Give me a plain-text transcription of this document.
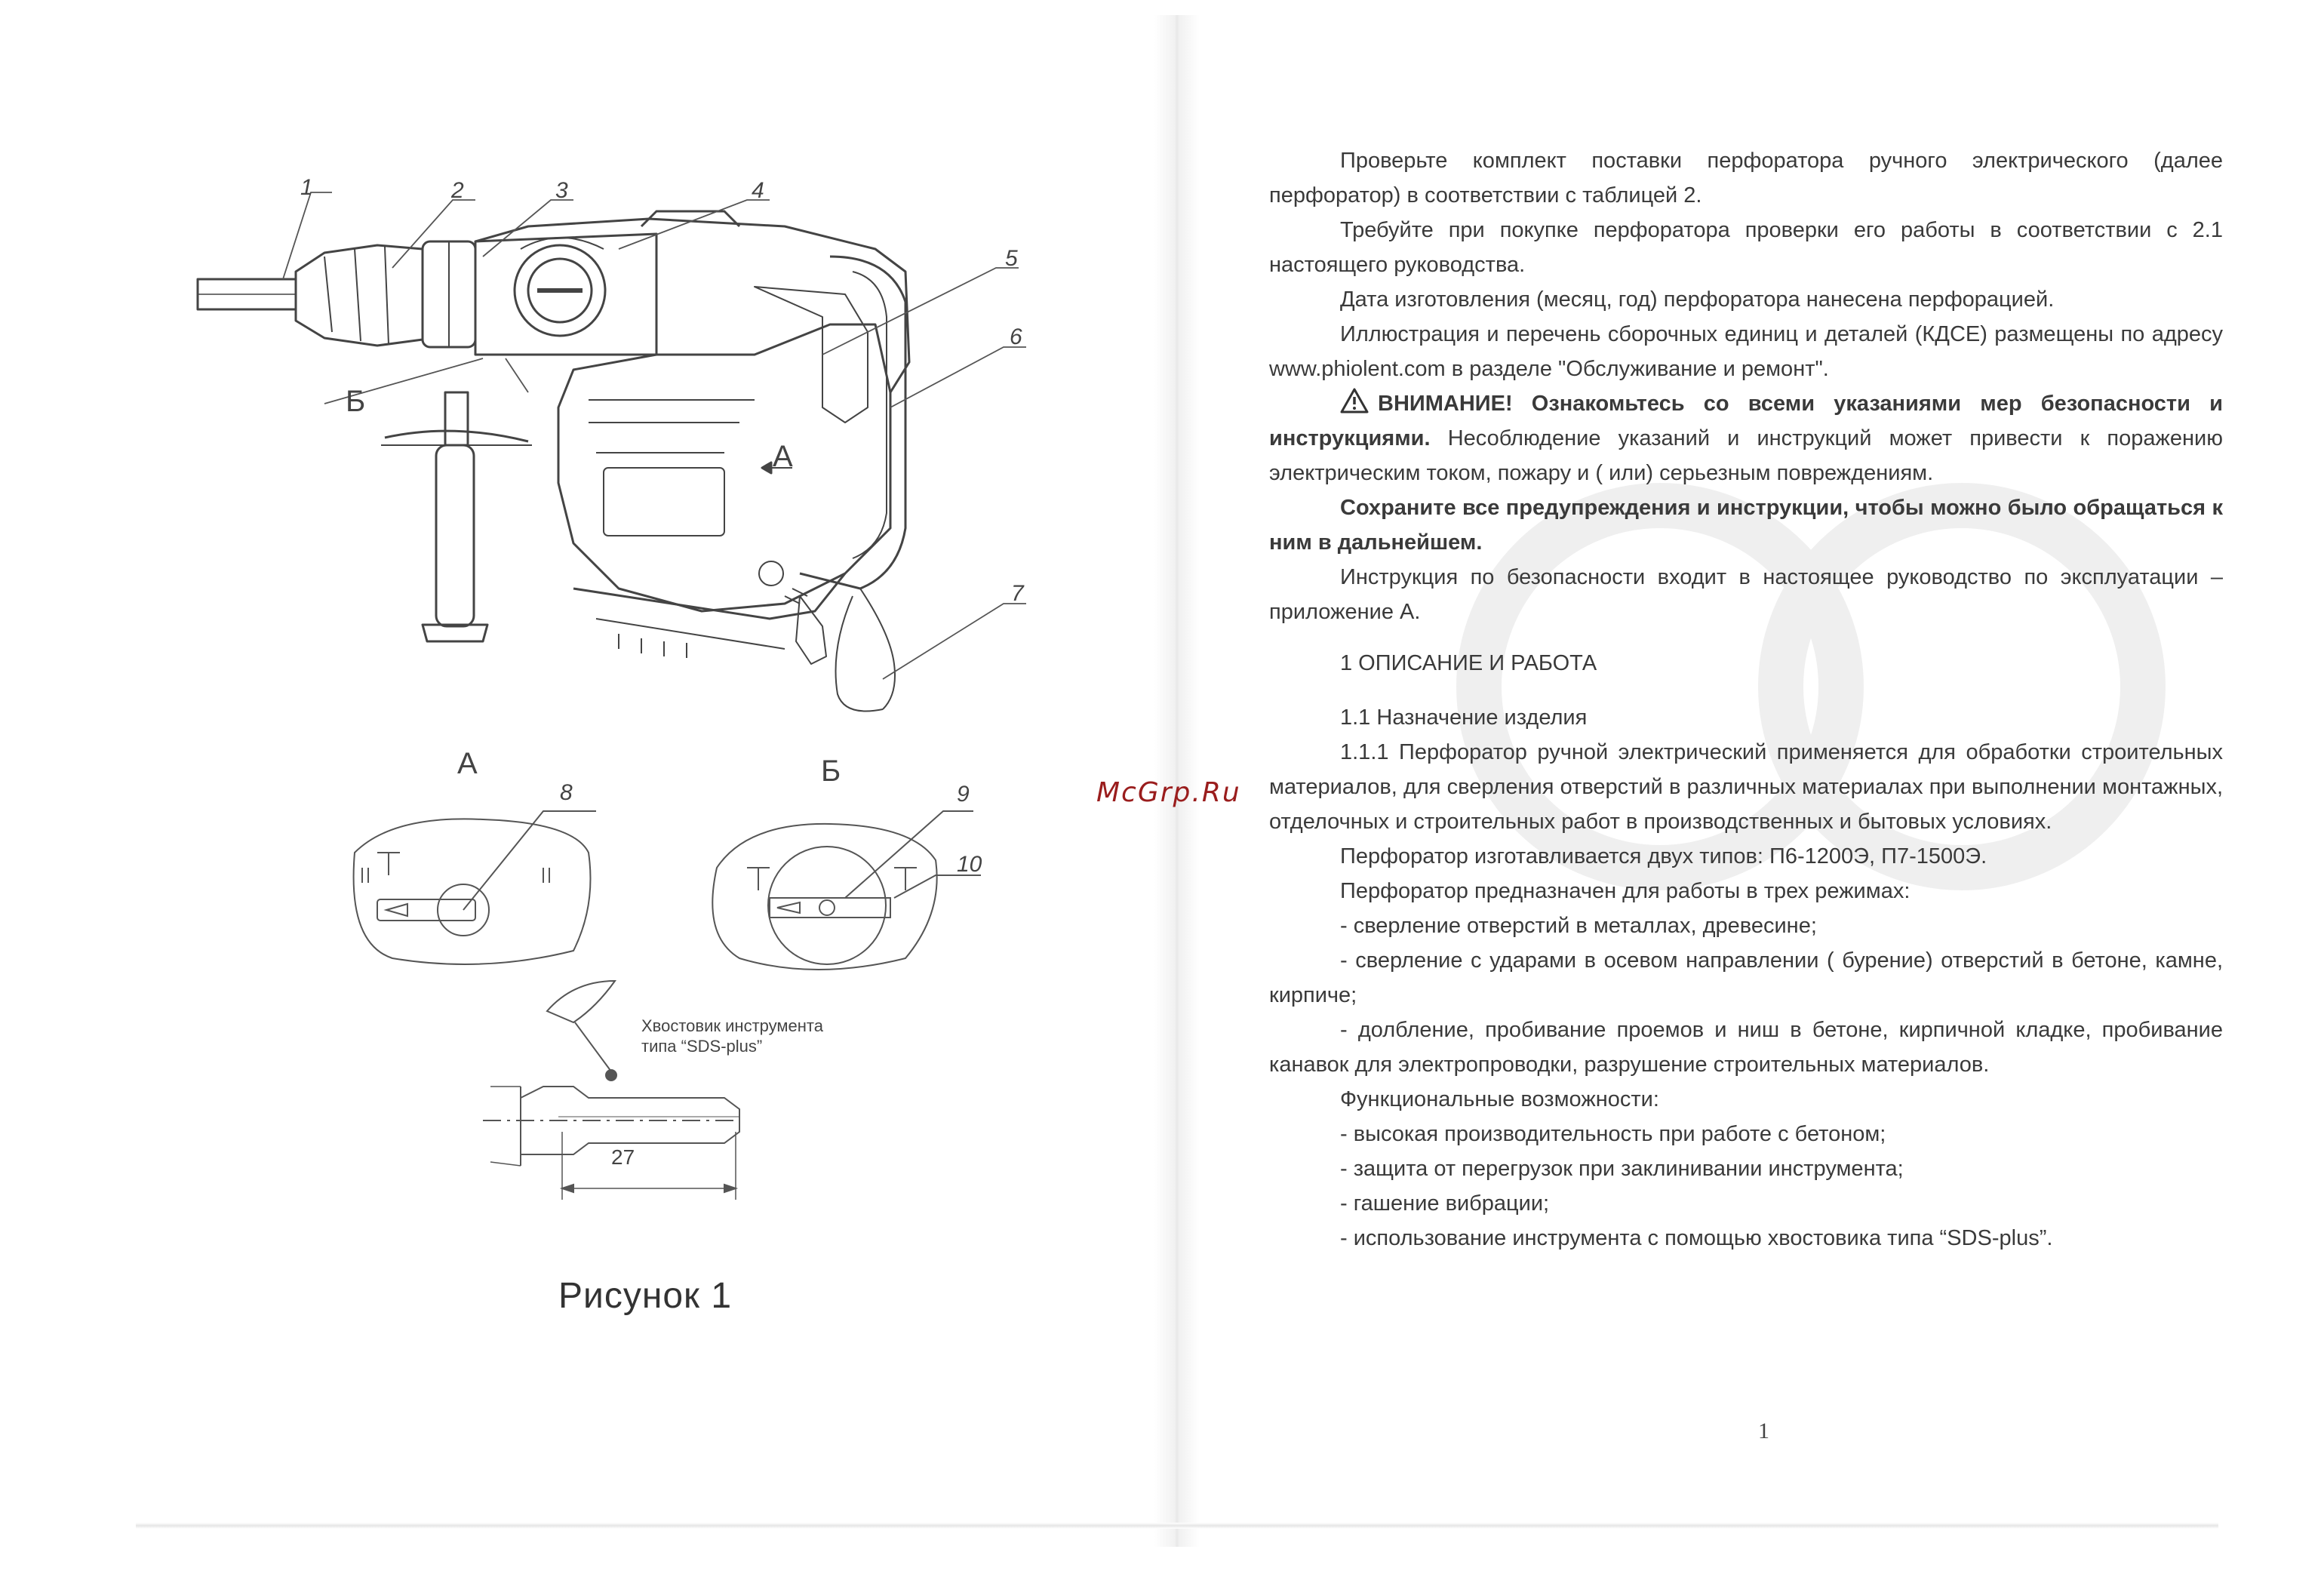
1	2	3	4
5
6
7
8	9
10
Б
А
А	Б
Хвостовик инструмента
типа “SDS-plus”
27
Рисунок 1
McGrp.Ru

Проверьте комплект поставки перфоратора ручного электрического (далее перфоратор) в соответствии с таблицей 2.

Требуйте при покупке перфоратора проверки его работы в соответствии с 2.1 настоящего руководства.

Дата изготовления (месяц, год) перфоратора нанесена перфорацией.

Иллюстрация и перечень сборочных единиц и деталей (КДСЕ) размещены по адресу www.phiolent.com в разделе "Обслуживание и ремонт".

ВНИМАНИЕ! Ознакомьтесь со всеми указаниями мер безопасности и инструкциями. Несоблюдение указаний и инструкций может привести к поражению электрическим током, пожару и ( или) серьезным повреждениям.

Сохраните все предупреждения и инструкции, чтобы можно было обращаться к ним в дальнейшем.

Инструкция по безопасности входит в настоящее руководство по эксплуатации – приложение А.

1 ОПИСАНИЕ И РАБОТА

1.1 Назначение изделия

1.1.1 Перфоратор ручной электрический применяется для обработки строительных материалов, для сверления отверстий в различных материалах при выполнении монтажных, отделочных и строительных работ в производственных и бытовых условиях.

Перфоратор изготавливается двух типов: П6-1200Э, П7-1500Э.

Перфоратор предназначен для работы в трех режимах:

- сверление отверстий в металлах, древесине;

- сверление с ударами в осевом направлении ( бурение) отверстий в бетоне, камне, кирпиче;

- долбление, пробивание проемов и ниш в бетоне, кирпичной кладке, пробивание канавок для электропроводки, разрушение строительных материалов.

Функциональные возможности:

- высокая производительность при работе с бетоном;

- защита от перегрузок при заклинивании инструмента;

- гашение вибрации;

- использование инструмента с помощью хвостовика типа “SDS-plus”.

1
